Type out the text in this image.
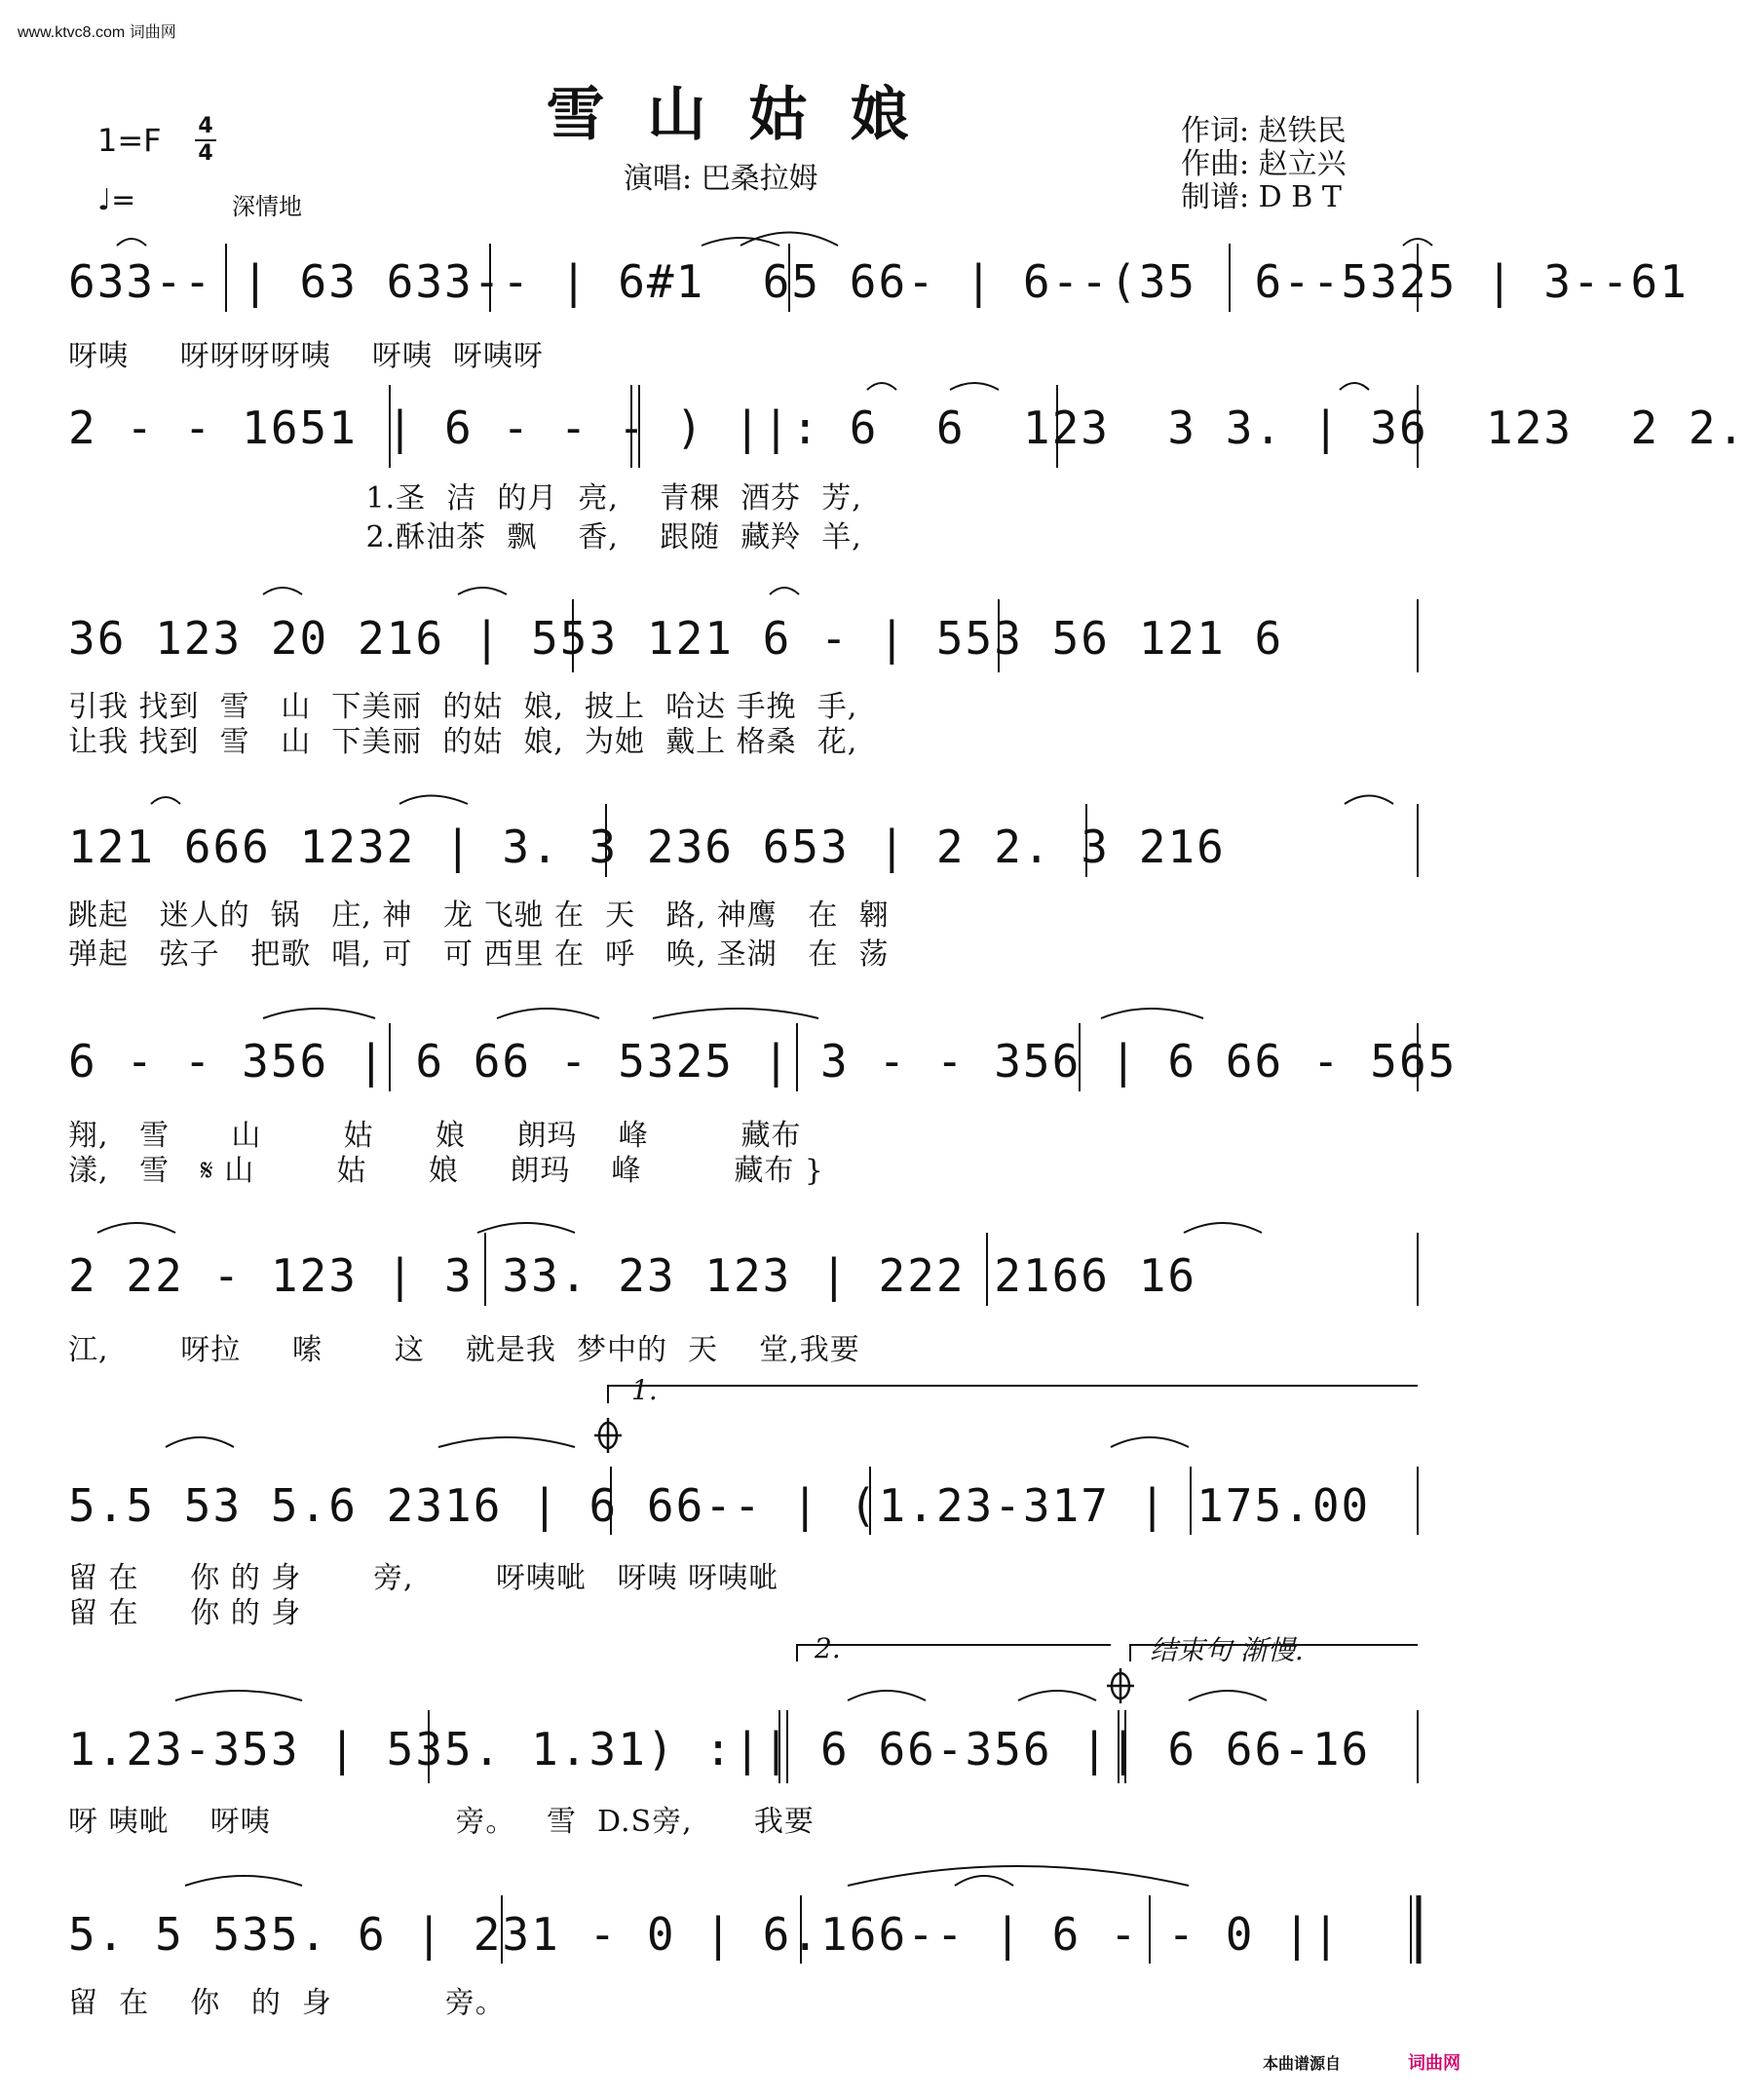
www.ktvc8.com 词曲网
雪山姑娘
1=F 4
4
♩=	深情地
演唱: 巴桑拉姆
作词: 赵铁民
作曲: 赵立兴
制谱: D B T
633-- | 63 633-- | 6#1  65 66- | 6--(35  6--5325 | 3--61
呀咦     呀呀呀呀咦    呀咦  呀咦呀
2 - - 1651 | 6 - - - ) ||: 6  6  123  3 3. | 36  123  2 2.
1.圣  洁  的月  亮,    青稞  酒芬  芳,
2.酥油茶  飘    香,    跟随  藏羚  羊,
36 123 20 216 | 553 121 6 - | 553 56 121 6
引我 找到  雪   山  下美丽  的姑  娘,  披上  哈达 手挽  手,
让我 找到  雪   山  下美丽  的姑  娘,  为她  戴上 格桑  花,
121 666 1232 | 3. 3 236 653 | 2 2. 3 216
跳起   迷人的  锅   庄, 神   龙 飞驰 在  天   路, 神鹰   在  翱
弹起   弦子   把歌  唱, 可   可 西里 在  呼   唤, 圣湖   在  荡
6 - - 356 | 6 66 - 5325 | 3 - - 356 | 6 66 - 565
翔,   雪      山        姑      娘     朗玛    峰         藏布
漾,   雪   𝄋 山        姑      娘     朗玛    峰         藏布 }
2 22 - 123 | 3 33. 23 123 | 222 2166 16
江,       呀拉     嗦       这    就是我  梦中的  天    堂,我要
5.5 53 5.6 2316 | 6 66-- | (1.23-317 | 175.00
留 在     你 的 身       旁,        呀咦呲   呀咦 呀咦呲
留 在     你 的 身
1.23-353 | 535. 1.31) :|| 6 66-356 || 6 66-16
呀 咦呲    呀咦                  旁。   雪  D.S旁,      我要
5. 5 535. 6 | 231 - 0 | 6.166-- | 6 - - 0 ||
留  在    你   的  身           旁。
1.
2.	结束句 渐慢.
本曲谱源自	词曲网
